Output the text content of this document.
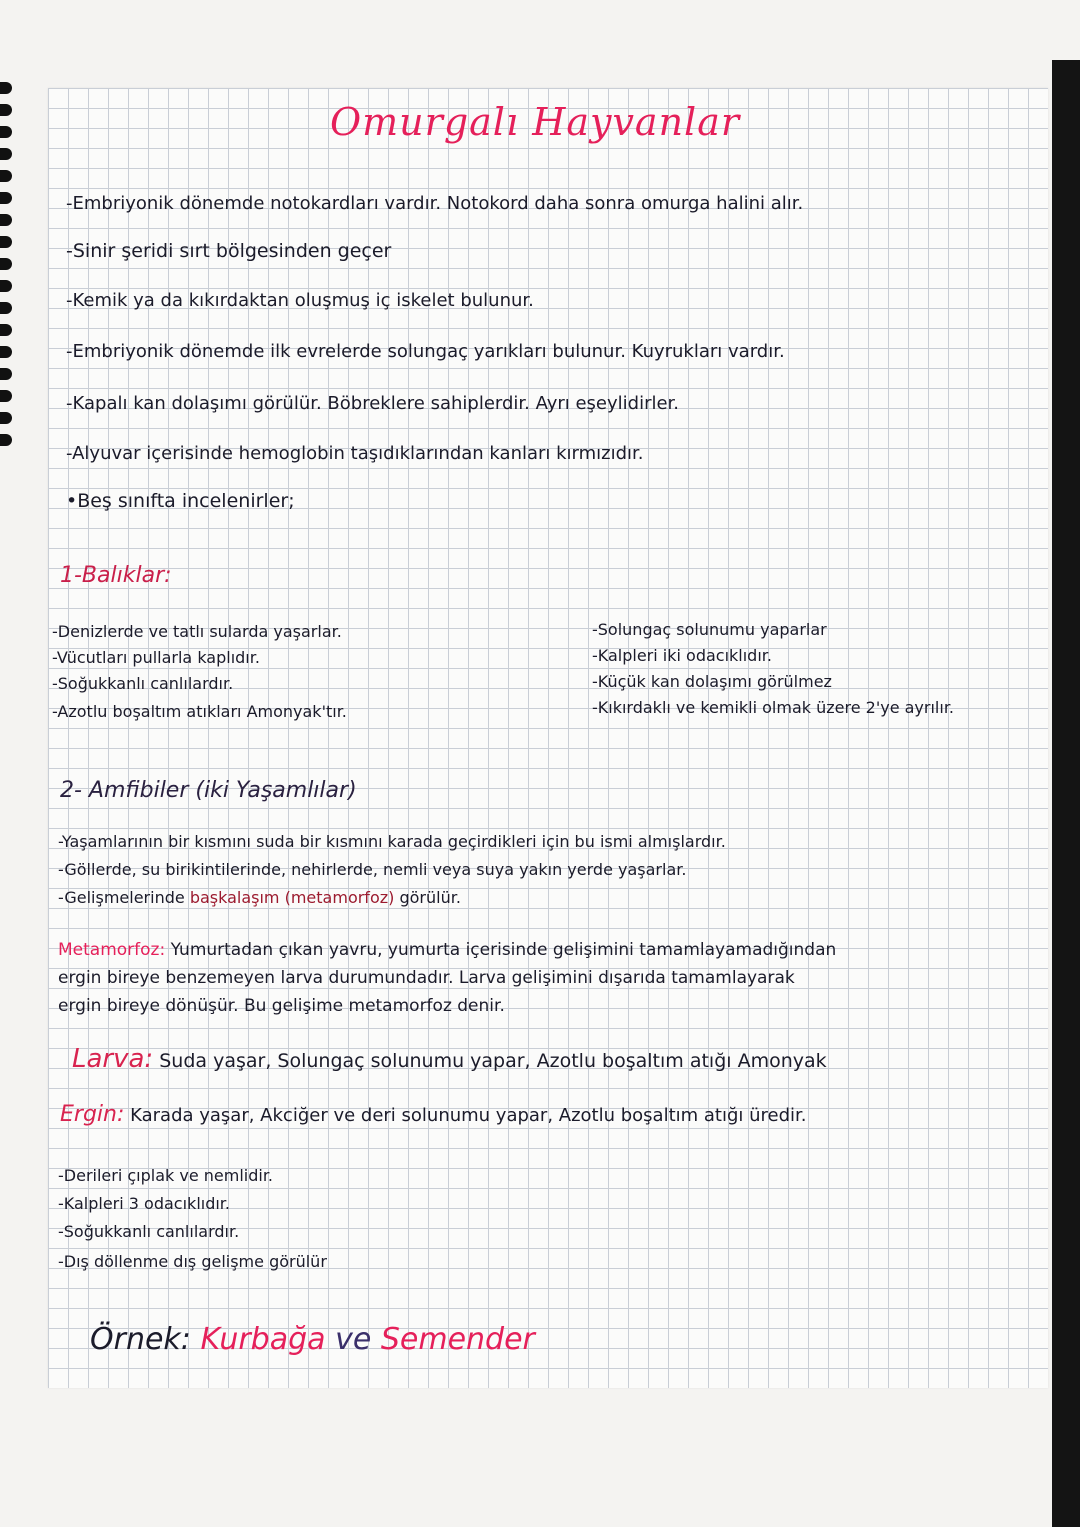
Omurgalı Hayvanlar
-Embriyonik dönemde notokardları vardır. Notokord daha sonra omurga halini alır.
-Sinir şeridi sırt bölgesinden geçer
-Kemik ya da kıkırdaktan oluşmuş iç iskelet bulunur.
-Embriyonik dönemde ilk evrelerde solungaç yarıkları bulunur. Kuyrukları vardır.
-Kapalı kan dolaşımı görülür. Böbreklere sahiplerdir. Ayrı eşeylidirler.
-Alyuvar içerisinde hemoglobin taşıdıklarından kanları kırmızıdır.
•Beş sınıfta incelenirler;
1-Balıklar:
-Denizlerde ve tatlı sularda yaşarlar.
-Vücutları pullarla kaplıdır.
-Soğukkanlı canlılardır.
-Azotlu boşaltım atıkları Amonyak'tır.
-Solungaç solunumu yaparlar
-Kalpleri iki odacıklıdır.
-Küçük kan dolaşımı görülmez
-Kıkırdaklı ve kemikli olmak üzere 2'ye ayrılır.
2- Amfibiler (iki Yaşamlılar)
-Yaşamlarının bir kısmını suda bir kısmını karada geçirdikleri için bu ismi almışlardır.
-Göllerde, su birikintilerinde, nehirlerde, nemli veya suya yakın yerde yaşarlar.
-Gelişmelerinde başkalaşım (metamorfoz) görülür.
Metamorfoz: Yumurtadan çıkan yavru, yumurta içerisinde gelişimini tamamlayamadığından
ergin bireye benzemeyen larva durumundadır. Larva gelişimini dışarıda tamamlayarak
ergin bireye dönüşür. Bu gelişime metamorfoz denir.
Larva: Suda yaşar, Solungaç solunumu yapar, Azotlu boşaltım atığı Amonyak
Ergin: Karada yaşar, Akciğer ve deri solunumu yapar, Azotlu boşaltım atığı üredir.
-Derileri çıplak ve nemlidir.
-Kalpleri 3 odacıklıdır.
-Soğukkanlı canlılardır.
-Dış döllenme dış gelişme görülür
Örnek: Kurbağa ve Semender
